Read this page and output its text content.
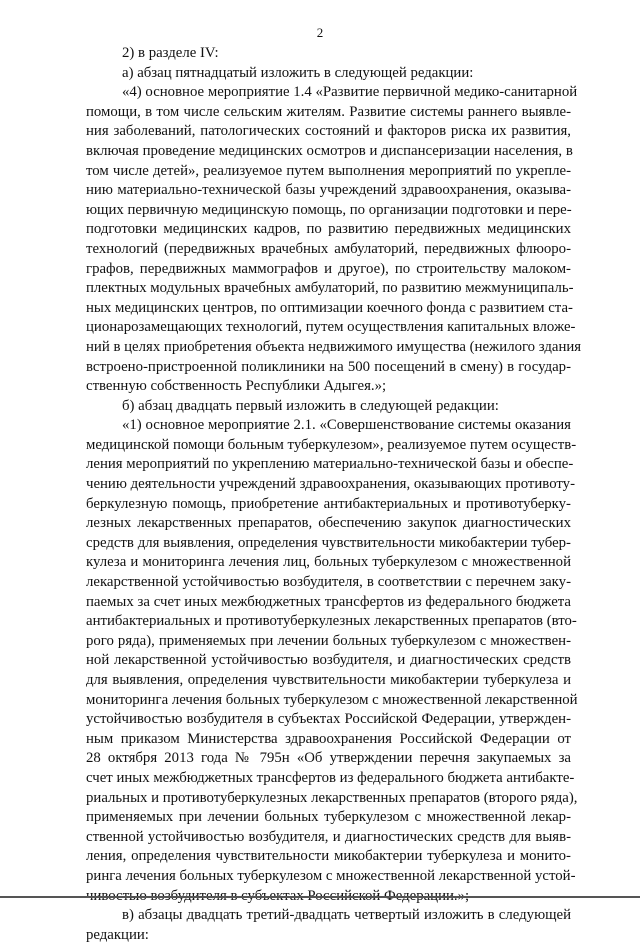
2
2) в разделе IV:
а) абзац пятнадцатый изложить в следующей редакции:
«4) основное мероприятие 1.4 «Развитие первичной медико-санитарной
помощи, в том числе сельским жителям. Развитие системы раннего выявле-
ния заболеваний, патологических состояний и факторов риска их развития,
включая проведение медицинских осмотров и диспансеризации населения, в
том числе детей», реализуемое путем выполнения мероприятий по укрепле-
нию материально-технической базы учреждений здравоохранения, оказыва-
ющих первичную медицинскую помощь, по организации подготовки и пере-
подготовки медицинских кадров, по развитию передвижных медицинских
технологий (передвижных врачебных амбулаторий, передвижных флюоро-
графов, передвижных маммографов и другое), по строительству малоком-
плектных модульных врачебных амбулаторий, по развитию межмуниципаль-
ных медицинских центров, по оптимизации коечного фонда с развитием ста-
ционарозамещающих технологий, путем осуществления капитальных вложе-
ний в целях приобретения объекта недвижимого имущества (нежилого здания
встроено-пристроенной поликлиники на 500 посещений в смену) в государ-
ственную собственность Республики Адыгея.»;
б) абзац двадцать первый изложить в следующей редакции:
«1) основное мероприятие 2.1. «Совершенствование системы оказания
медицинской помощи больным туберкулезом», реализуемое путем осуществ-
ления мероприятий по укреплению материально-технической базы и обеспе-
чению деятельности учреждений здравоохранения, оказывающих противоту-
беркулезную помощь, приобретение антибактериальных и противотуберку-
лезных лекарственных препаратов, обеспечению закупок диагностических
средств для выявления, определения чувствительности микобактерии тубер-
кулеза и мониторинга лечения лиц, больных туберкулезом с множественной
лекарственной устойчивостью возбудителя, в соответствии с перечнем заку-
паемых за счет иных межбюджетных трансфертов из федерального бюджета
антибактериальных и противотуберкулезных лекарственных препаратов (вто-
рого ряда), применяемых при лечении больных туберкулезом с множествен-
ной лекарственной устойчивостью возбудителя, и диагностических средств
для выявления, определения чувствительности микобактерии туберкулеза и
мониторинга лечения больных туберкулезом с множественной лекарственной
устойчивостью возбудителя в субъектах Российской Федерации, утвержден-
ным приказом Министерства здравоохранения Российской Федерации от
28 октября 2013 года № 795н «Об утверждении перечня закупаемых за
счет иных межбюджетных трансфертов из федерального бюджета антибакте-
риальных и противотуберкулезных лекарственных препаратов (второго ряда),
применяемых при лечении больных туберкулезом с множественной лекар-
ственной устойчивостью возбудителя, и диагностических средств для выяв-
ления, определения чувствительности микобактерии туберкулеза и монито-
ринга лечения больных туберкулезом с множественной лекарственной устой-
в) абзацы двадцать третий-двадцать четвертый изложить в следующей
редакции:
